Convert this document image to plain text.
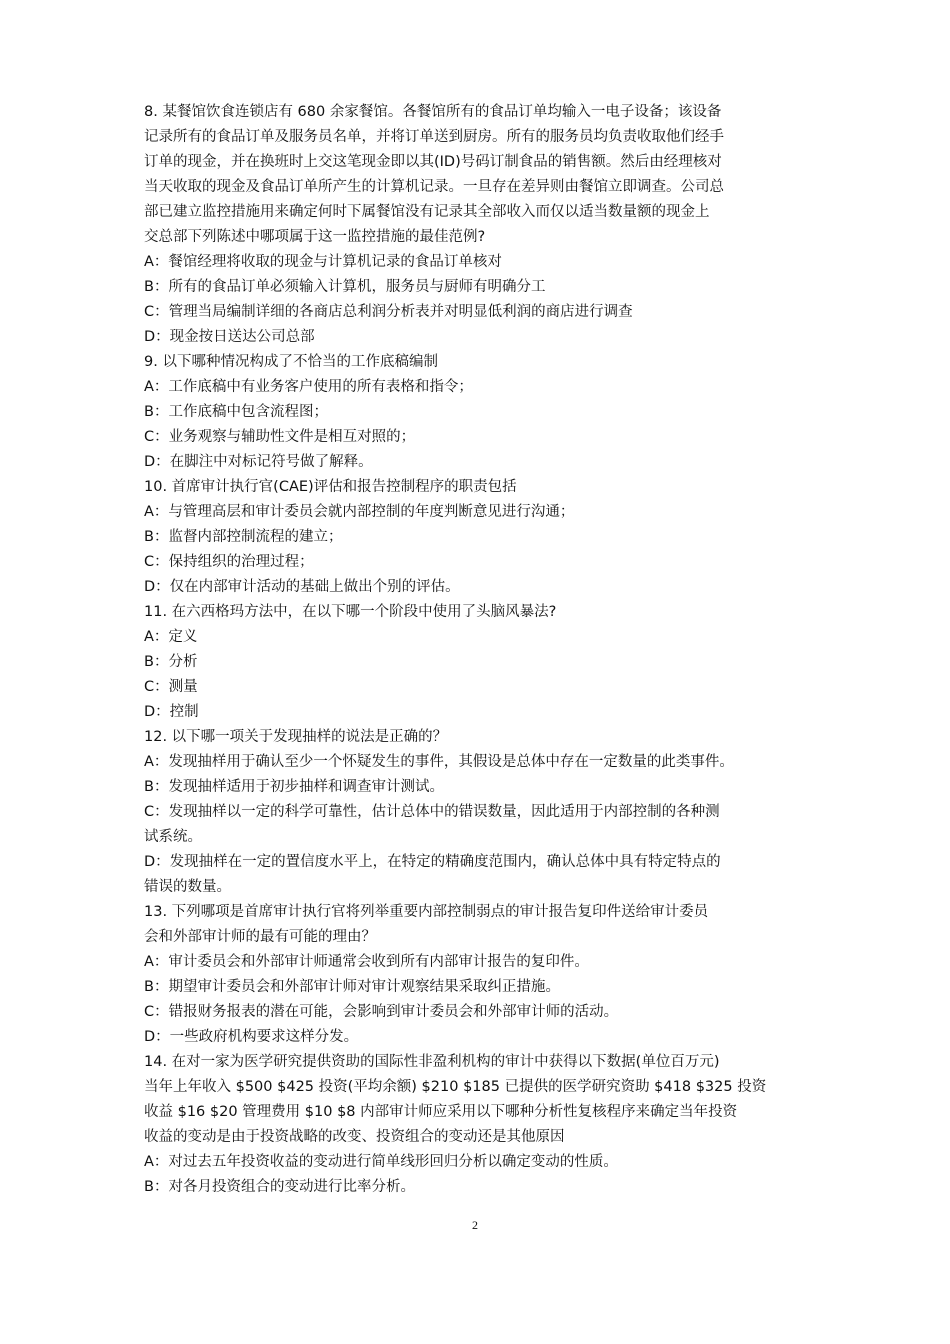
8. 某餐馆饮食连锁店有 680 余家餐馆。各餐馆所有的食品订单均输入一电子设备；该设备
记录所有的食品订单及服务员名单，并将订单送到厨房。所有的服务员均负责收取他们经手
订单的现金，并在换班时上交这笔现金即以其(ID)号码订制食品的销售额。然后由经理核对
当天收取的现金及食品订单所产生的计算机记录。一旦存在差异则由餐馆立即调查。公司总
部已建立监控措施用来确定何时下属餐馆没有记录其全部收入而仅以适当数量额的现金上
交总部下列陈述中哪项属于这一监控措施的最佳范例?
A：餐馆经理将收取的现金与计算机记录的食品订单核对
B：所有的食品订单必须输入计算机，服务员与厨师有明确分工
C：管理当局编制详细的各商店总利润分析表并对明显低利润的商店进行调查
D：现金按日送达公司总部
9. 以下哪种情况构成了不恰当的工作底稿编制
A：工作底稿中有业务客户使用的所有表格和指令；
B：工作底稿中包含流程图；
C：业务观察与辅助性文件是相互对照的；
D：在脚注中对标记符号做了解释。
10. 首席审计执行官(CAE)评估和报告控制程序的职责包括
A：与管理高层和审计委员会就内部控制的年度判断意见进行沟通；
B：监督内部控制流程的建立；
C：保持组织的治理过程；
D：仅在内部审计活动的基础上做出个别的评估。
11. 在六西格玛方法中，在以下哪一个阶段中使用了头脑风暴法?
A：定义
B：分析
C：测量
D：控制
12. 以下哪一项关于发现抽样的说法是正确的？
A：发现抽样用于确认至少一个怀疑发生的事件，其假设是总体中存在一定数量的此类事件。
B：发现抽样适用于初步抽样和调查审计测试。
C：发现抽样以一定的科学可靠性，估计总体中的错误数量，因此适用于内部控制的各种测
试系统。
D：发现抽样在一定的置信度水平上，在特定的精确度范围内，确认总体中具有特定特点的
错误的数量。
13. 下列哪项是首席审计执行官将列举重要内部控制弱点的审计报告复印件送给审计委员
会和外部审计师的最有可能的理由？
A：审计委员会和外部审计师通常会收到所有内部审计报告的复印件。
B：期望审计委员会和外部审计师对审计观察结果采取纠正措施。
C：错报财务报表的潜在可能，会影响到审计委员会和外部审计师的活动。
D：一些政府机构要求这样分发。
14. 在对一家为医学研究提供资助的国际性非盈利机构的审计中获得以下数据(单位百万元)
当年上年收入 $500 $425 投资(平均余额) $210 $185 已提供的医学研究资助 $418 $325 投资
收益 $16 $20 管理费用 $10 $8 内部审计师应采用以下哪种分析性复核程序来确定当年投资
收益的变动是由于投资战略的改变、投资组合的变动还是其他原因
A：对过去五年投资收益的变动进行简单线形回归分析以确定变动的性质。
B：对各月投资组合的变动进行比率分析。
2
